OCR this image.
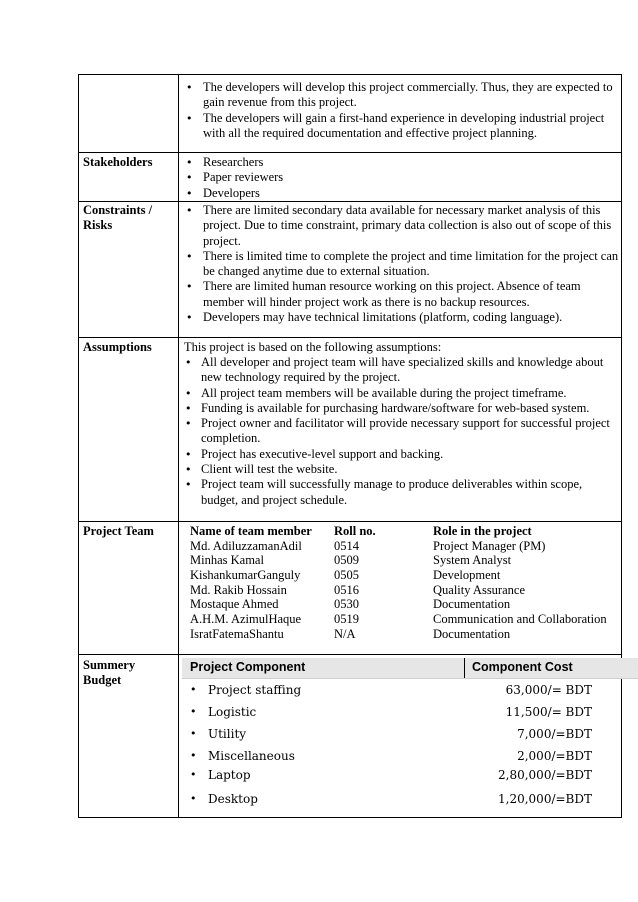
• The developers will develop this project commercially. Thus, they are expected to gain revenue from this project.
• The developers will gain a first-hand experience in developing industrial project with all the required documentation and effective project planning.
Stakeholders
•	Researchers
• Paper reviewers
• Developers
Constraints / Risks
• There are limited secondary data available for necessary market analysis of this project. Due to time constraint, primary data collection is also out of scope of this project.
• There is limited time to complete the project and time limitation for the project can be changed anytime due to external situation.
• There are limited human resource working on this project. Absence of team member will hinder project work as there is no backup resources.
• Developers may have technical limitations (platform, coding language).
Assumptions	This project is based on the following assumptions:
• All developer and project team will have specialized skills and knowledge about new technology required by the project.
• All project team members will be available during the project timeframe.
• Funding is available for purchasing hardware/software for web-based system.
• Project owner and facilitator will provide necessary support for successful project completion.
• Project has executive-level support and backing.
• Client will test the website.
• Project team will successfully manage to produce deliverables within scope, budget, and project schedule.
Project Team	Name of team member Roll no.	Role in the project
Md. AdiluzzamanAdil	0514	Project Manager (PM)
Minhas Kamal	0509	System Analyst
KishankumarGanguly	0505	Development
Md. Rakib Hossain	0516	Quality Assurance
Mostaque Ahmed	0530	Documentation
A.H.M. AzimulHaque	0519	Communication and Collaboration
IsratFatemaShantu	N/A	Documentation
Summery Budget
Project Component	Component Cost
• Project staffing	63,000/= BDT
• Logistic	11,500/= BDT
• Utility	7,000/=BDT
• Miscellaneous	2,000/=BDT
• Laptop	2,80,000/=BDT
• Desktop	1,20,000/=BDT
